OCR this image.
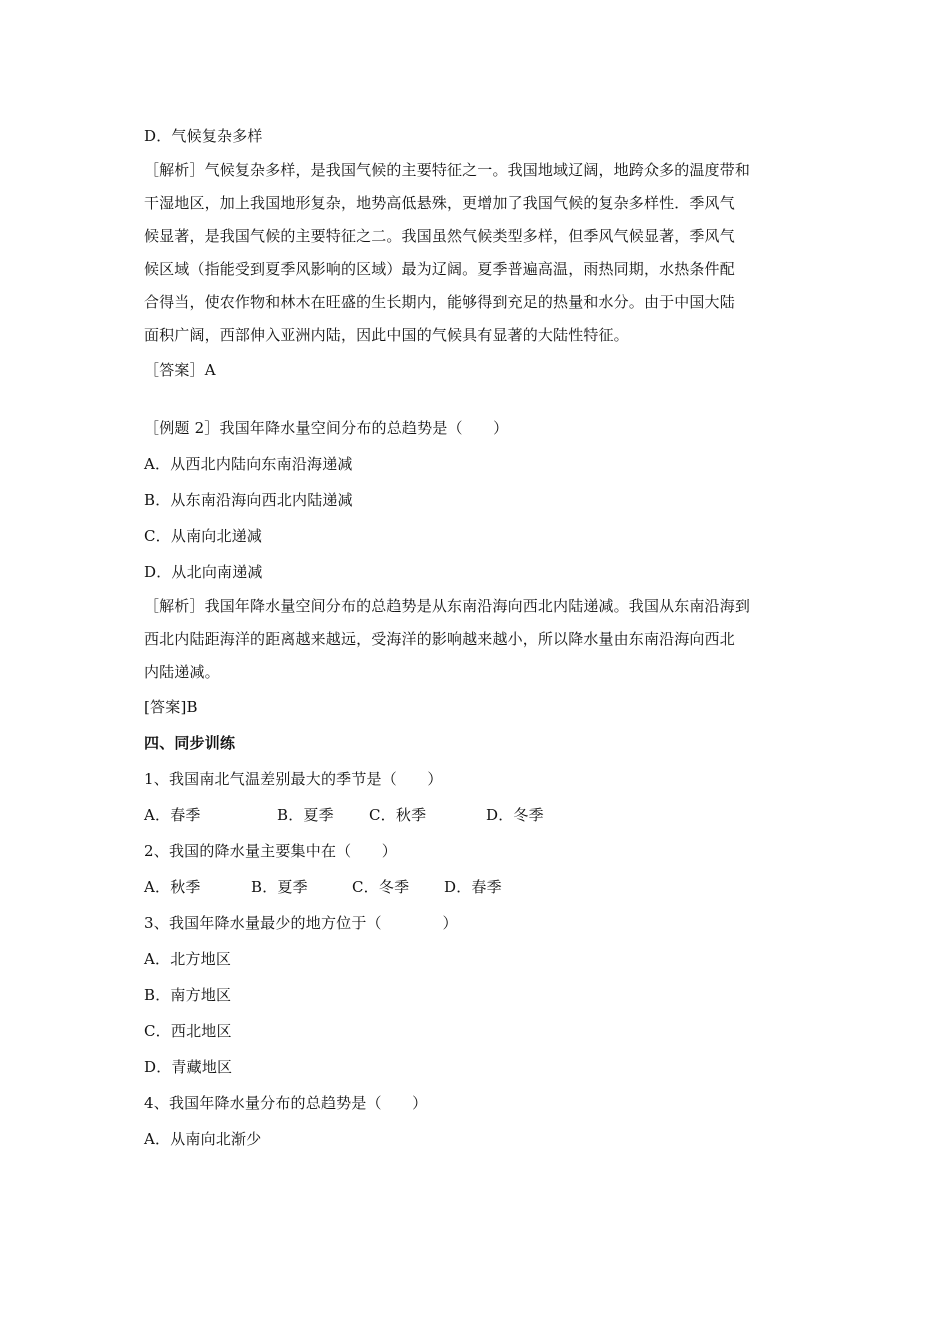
D．气候复杂多样
［解析］气候复杂多样，是我国气候的主要特征之一。我国地域辽阔，地跨众多的温度带和
干湿地区，加上我国地形复杂，地势高低悬殊，更增加了我国气候的复杂多样性．季风气
候显著，是我国气候的主要特征之二。我国虽然气候类型多样，但季风气候显著，季风气
候区域（指能受到夏季风影响的区域）最为辽阔。夏季普遍高温，雨热同期，水热条件配
合得当，使农作物和林木在旺盛的生长期内，能够得到充足的热量和水分。由于中国大陆
面积广阔，西部伸入亚洲内陆，因此中国的气候具有显著的大陆性特征。
［答案］A
［例题 2］我国年降水量空间分布的总趋势是（　　）
A．从西北内陆向东南沿海递减
B．从东南沿海向西北内陆递减
C．从南向北递减
D．从北向南递减
［解析］我国年降水量空间分布的总趋势是从东南沿海向西北内陆递减。我国从东南沿海到
西北内陆距海洋的距离越来越远，受海洋的影响越来越小，所以降水量由东南沿海向西北
内陆递减。
[答案]B
四、同步训练
1、我国南北气温差别最大的季节是（　　）
A．春季	B．夏季	C．秋季	D．冬季
2、我国的降水量主要集中在（　　）
A．秋季	B．夏季	C．冬季	D．春季
3、我国年降水量最少的地方位于（　　　　）
A．北方地区
B．南方地区
C．西北地区
D．青藏地区
4、我国年降水量分布的总趋势是（　　）
A．从南向北渐少
